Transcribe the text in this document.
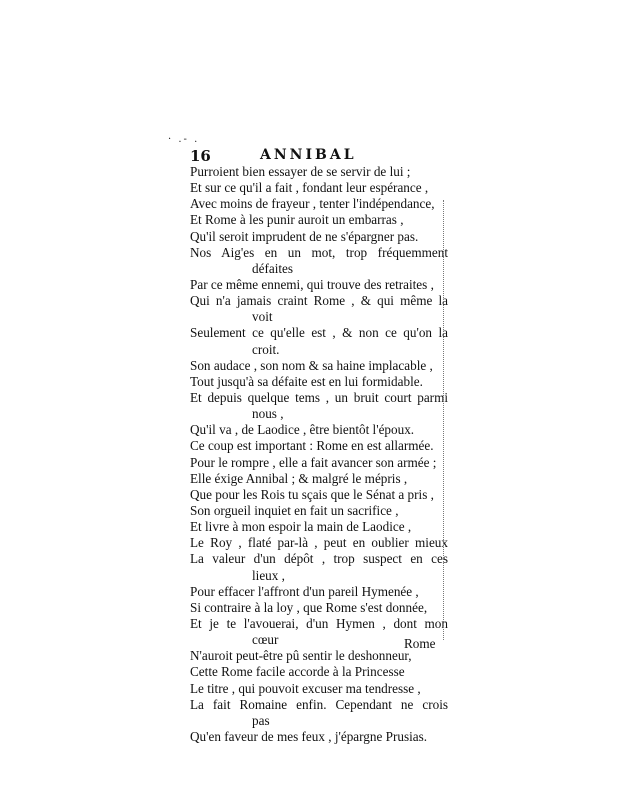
· .- .
16	ANNIBAL
Purroient bien essayer de se servir de lui ;
Et sur ce qu'il a fait , fondant leur espérance ,
Avec moins de frayeur , tenter l'indépendance,
Et Rome à les punir auroit un embarras ,
Qu'il seroit imprudent de ne s'épargner pas.
Nos Aig'es en un mot, trop fréquemment
défaites
Par ce même ennemi, qui trouve des retraites ,
Qui n'a jamais craint Rome , & qui même la
voit
Seulement ce qu'elle est , & non ce qu'on la
croit.
Son audace , son nom & sa haine implacable ,
Tout jusqu'à sa défaite est en lui formidable.
Et depuis quelque tems , un bruit court parmi
nous ,
Qu'il va , de Laodice , être bientôt l'époux.
Ce coup est important : Rome en est allarmée.
Pour le rompre , elle a fait avancer son armée ;
Elle éxige Annibal ; & malgré le mépris ,
Que pour les Rois tu sçais que le Sénat a pris ,
Son orgueil inquiet en fait un sacrifice ,
Et livre à mon espoir la main de Laodice ,
Le Roy , flaté par-là , peut en oublier mieux
La valeur d'un dépôt , trop suspect en ces
lieux ,
Pour effacer l'affront d'un pareil Hymenée ,
Si contraire à la loy , que Rome s'est donnée,
Et je te l'avouerai, d'un Hymen , dont mon
cœur
N'auroit peut-être pû sentir le deshonneur,
Cette Rome facile accorde à la Princesse
Le titre , qui pouvoit excuser ma tendresse ,
La fait Romaine enfin. Cependant ne crois
pas
Qu'en faveur de mes feux , j'épargne Prusias.
Rome
